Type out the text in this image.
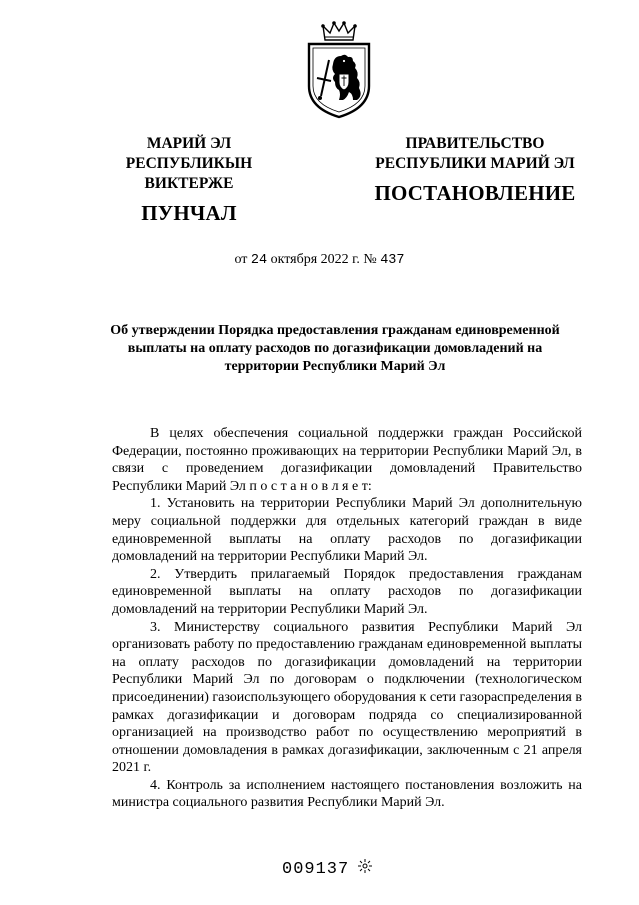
МАРИЙ ЭЛ РЕСПУБЛИКЫН
ВИКТЕРЖЕ
ПУНЧАЛ
ПРАВИТЕЛЬСТВО
РЕСПУБЛИКИ МАРИЙ ЭЛ
ПОСТАНОВЛЕНИЕ
от 24 октября 2022 г. № 437
Об утверждении Порядка предоставления гражданам единовременной выплаты на оплату расходов по догазификации домовладений на территории Республики Марий Эл

В целях обеспечения социальной поддержки граждан Российской Федерации, постоянно проживающих на территории Республики Марий Эл, в связи с проведением догазификации домовладений Правительство Республики Марий Эл п о с т а н о в л я е т:

1. Установить на территории Республики Марий Эл дополнительную меру социальной поддержки для отдельных категорий граждан в виде единовременной выплаты на оплату расходов по догазификации домовладений на территории Республики Марий Эл.

2. Утвердить прилагаемый Порядок предоставления гражданам единовременной выплаты на оплату расходов по догазификации домовладений на территории Республики Марий Эл.

3. Министерству социального развития Республики Марий Эл организовать работу по предоставлению гражданам единовременной выплаты на оплату расходов по догазификации домовладений на территории Республики Марий Эл по договорам о подключении (технологическом присоединении) газоиспользующего оборудования к сети газораспределения в рамках догазификации и договорам подряда со специализированной организацией на производство работ по осуществлению мероприятий в отношении домовладения в рамках догазификации, заключенным с 21 апреля 2021 г.

4. Контроль за исполнением настоящего постановления возложить на министра социального развития Республики Марий Эл.

009137
